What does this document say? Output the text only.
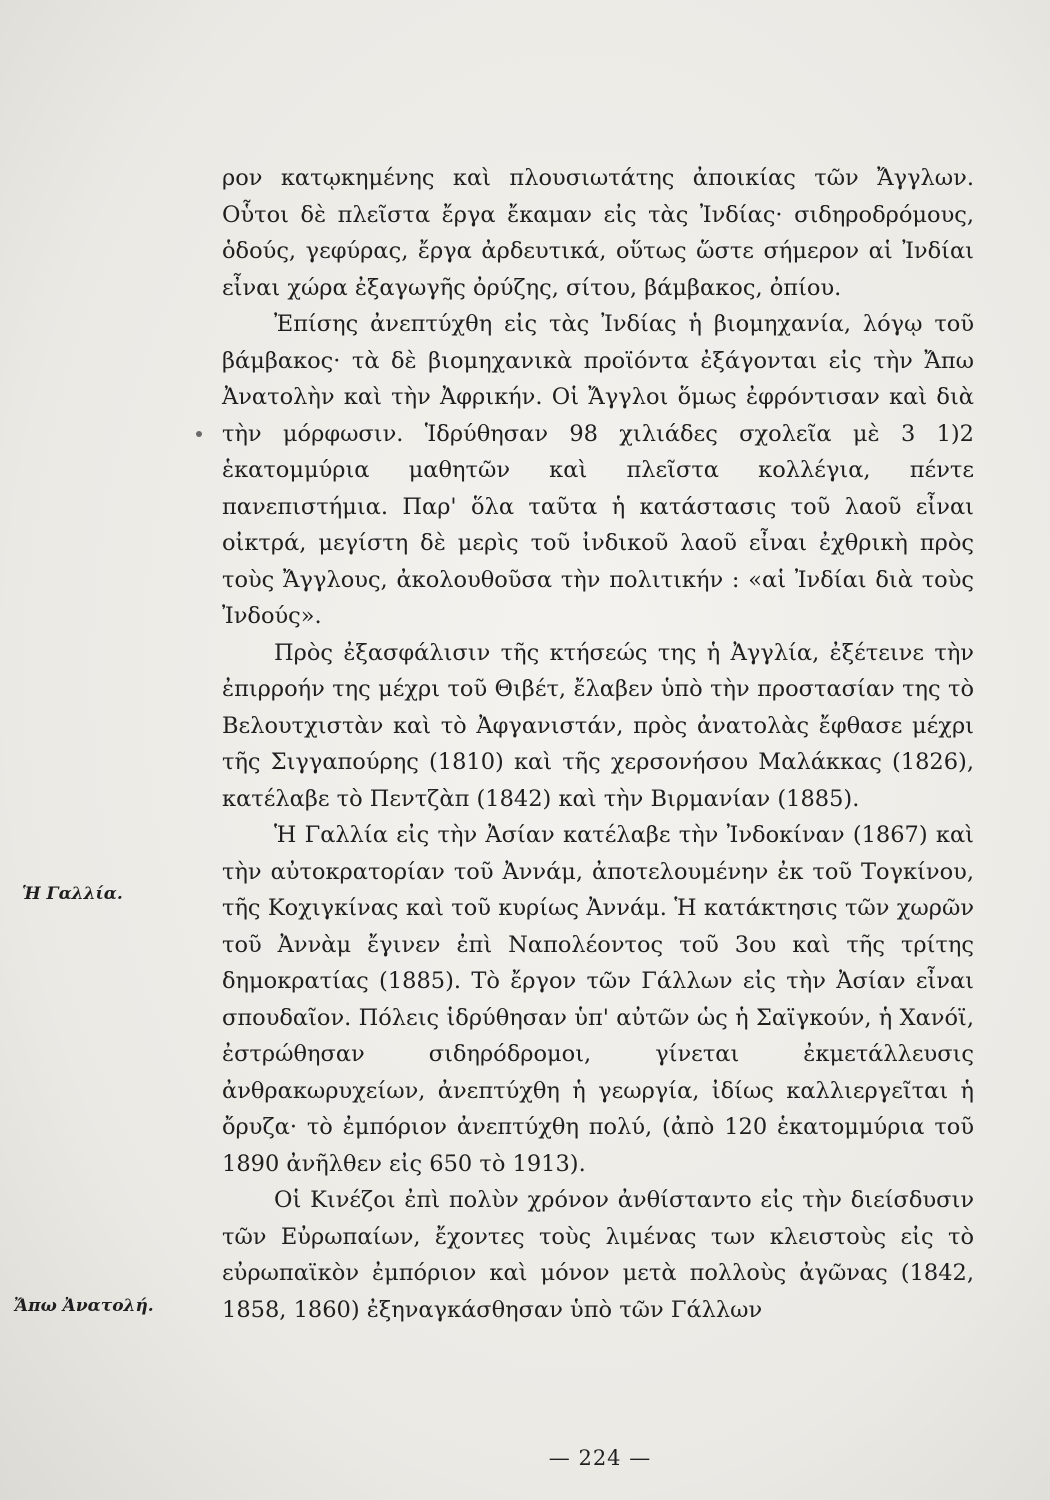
Ἡ Γαλλία.
Ἄπω Ἀνατολή.

ρον κατῳκημένης καὶ πλουσιωτάτης ἀποικίας τῶν Ἄγγλων. Οὗτοι δὲ πλεῖστα ἔργα ἔκαμαν εἰς τὰς Ἰνδίας· σιδηροδρόμους, ὁδούς, γεφύρας, ἔργα ἀρδευτικά, οὕτως ὥστε σήμερον αἱ Ἰνδίαι εἶναι χώρα ἐξαγωγῆς ὀρύζης, σίτου, βάμβακος, ὀπίου.

Ἐπίσης ἀνεπτύχθη εἰς τὰς Ἰνδίας ἡ βιομηχανία, λόγῳ τοῦ βάμβακος· τὰ δὲ βιομηχανικὰ προϊόντα ἐξάγονται εἰς τὴν Ἄπω Ἀνατολὴν καὶ τὴν Ἀφρικήν. Οἱ Ἄγγλοι ὅμως ἐφρόντισαν καὶ διὰ τὴν μόρφωσιν. Ἱδρύθησαν 98 χιλιάδες σχολεῖα μὲ 3 1)2 ἑκατομμύρια μαθητῶν καὶ πλεῖστα κολλέγια, πέντε πανεπιστήμια. Παρ' ὅλα ταῦτα ἡ κατάστασις τοῦ λαοῦ εἶναι οἰκτρά, μεγίστη δὲ μερὶς τοῦ ἰνδικοῦ λαοῦ εἶναι ἐχθρικὴ πρὸς τοὺς Ἄγγλους, ἀκολουθοῦσα τὴν πολιτικήν : «αἱ Ἰνδίαι διὰ τοὺς Ἰνδούς».

Πρὸς ἐξασφάλισιν τῆς κτήσεώς της ἡ Ἀγγλία, ἐξέτεινε τὴν ἐπιρροήν της μέχρι τοῦ Θιβέτ, ἔλαβεν ὑπὸ τὴν προστασίαν της τὸ Βελουτχιστὰν καὶ τὸ Ἀφγανιστάν, πρὸς ἀνατολὰς ἔφθασε μέχρι τῆς Σιγγαπούρης (1810) καὶ τῆς χερσονήσου Μαλάκκας (1826), κατέλαβε τὸ Πεντζὰπ (1842) καὶ τὴν Βιρμανίαν (1885).

Ἡ Γαλλία εἰς τὴν Ἀσίαν κατέλαβε τὴν Ἰνδοκίναν (1867) καὶ τὴν αὐτοκρατορίαν τοῦ Ἀννάμ, ἀποτελουμένην ἐκ τοῦ Τογκίνου, τῆς Κοχιγκίνας καὶ τοῦ κυρίως Ἀννάμ. Ἡ κατάκτησις τῶν χωρῶν τοῦ Ἀννὰμ ἔγινεν ἐπὶ Ναπολέοντος τοῦ 3ου καὶ τῆς τρίτης δημοκρατίας (1885). Τὸ ἔργον τῶν Γάλλων εἰς τὴν Ἀσίαν εἶναι σπουδαῖον. Πόλεις ἱδρύθησαν ὑπ' αὐτῶν ὡς ἡ Σαϊγκούν, ἡ Χανόϊ, ἐστρώθησαν σιδηρόδρομοι, γίνεται ἐκμετάλλευσις ἀνθρακωρυχείων, ἀνεπτύχθη ἡ γεωργία, ἰδίως καλλιεργεῖται ἡ ὄρυζα· τὸ ἐμπόριον ἀνεπτύχθη πολύ, (ἀπὸ 120 ἑκατομμύρια τοῦ 1890 ἀνῆλθεν εἰς 650 τὸ 1913).

Οἱ Κινέζοι ἐπὶ πολὺν χρόνον ἀνθίσταντο εἰς τὴν διείσδυσιν τῶν Εὐρωπαίων, ἔχοντες τοὺς λιμένας των κλειστοὺς εἰς τὸ εὐρωπαϊκὸν ἐμπόριον καὶ μόνον μετὰ πολλοὺς ἀγῶνας (1842, 1858, 1860) ἐξηναγκάσθησαν ὑπὸ τῶν Γάλλων

— 224 —
